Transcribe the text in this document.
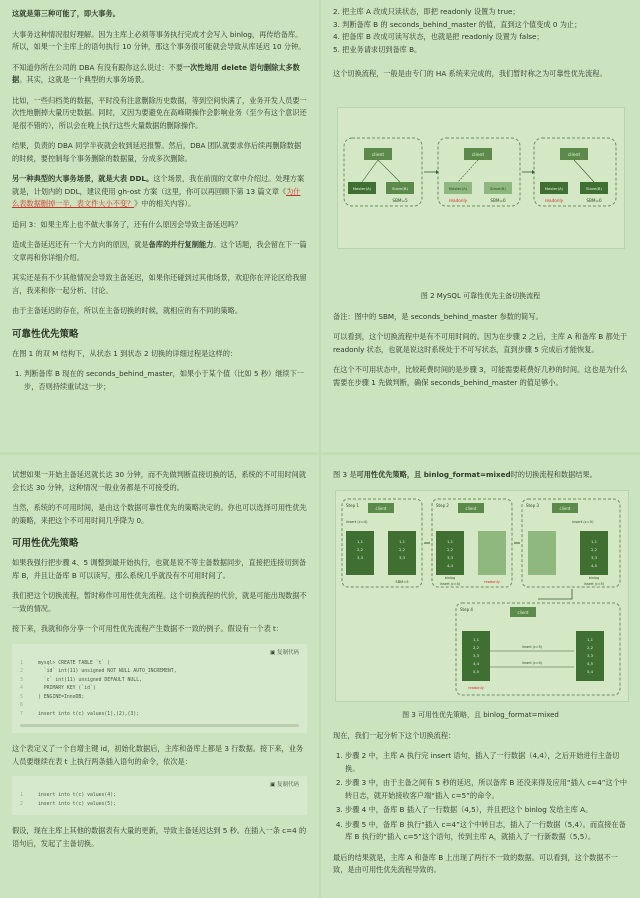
这就是第三种可能了，即大事务。

大事务这种情况很好理解。因为主库上必须等事务执行完成才会写入 binlog，再传给备库。所以，如果一个主库上的语句执行 10 分钟，那这个事务很可能就会导致从库延迟 10 分钟。

不知道你所在公司的 DBA 有没有跟你这么说过：不要一次性地用 delete 语句删除太多数据。其实，这就是一个典型的大事务场景。

比如，一些归档类的数据，平时没有注意删除历史数据，等到空间快满了，业务开发人员要一次性地删掉大量历史数据。同时，又因为要避免在高峰期操作会影响业务（至少有这个意识还是很不错的），所以会在晚上执行这些大量数据的删除操作。

结果，负责的 DBA 同学半夜就会收到延迟报警。然后，DBA 团队就要求你后续再删除数据的时候，要控制每个事务删除的数据量，分成多次删除。

另一种典型的大事务场景，就是大表 DDL。这个场景，我在前面的文章中介绍过。处理方案就是，计划内的 DDL，建议使用 gh-ost 方案（这里，你可以再回顾下第 13 篇文章《为什么表数据删掉一半，表文件大小不变？》中的相关内容）。

追问 3：如果主库上也不做大事务了，还有什么原因会导致主备延迟吗？

造成主备延迟还有一个大方向的原因，就是备库的并行复制能力。这个话题，我会留在下一篇文章再和你详细介绍。

其实还是有不少其他情况会导致主备延迟，如果你还碰到过其他场景，欢迎你在评论区给我留言，我来和你一起分析、讨论。

由于主备延迟的存在，所以在主备切换的时候，就相应的有不同的策略。

可靠性优先策略

在图 1 的双 M 结构下，从状态 1 到状态 2 切换的详细过程是这样的：

1. 判断备库 B 现在的 seconds_behind_master，如果小于某个值（比如 5 秒）继续下一步，否则持续重试这一步；

2. 把主库 A 改成只读状态，即把 readonly 设置为 true；

3. 判断备库 B 的 seconds_behind_master 的值，直到这个值变成 0 为止；

4. 把备库 B 改成可读写状态，也就是把 readonly 设置为 false；

5. 把业务请求切到备库 B。

这个切换流程，一般是由专门的 HA 系统来完成的，我们暂时称之为可靠性优先流程。

client	client	client
Master(A)	Slave(B)	Master(A)	Slave(B)	Master(A)	Slave(B)
SBM=5	readonly	SBM=0	readonly	SBM=0
图 2 MySQL 可靠性优先主备切换流程

备注：图中的 SBM，是 seconds_behind_master 参数的简写。

可以看到，这个切换流程中是有不可用时间的。因为在步骤 2 之后，主库 A 和备库 B 都处于 readonly 状态，也就是说这时系统处于不可写状态，直到步骤 5 完成后才能恢复。

在这个不可用状态中，比较耗费时间的是步骤 3，可能需要耗费好几秒的时间。这也是为什么需要在步骤 1 先做判断，确保 seconds_behind_master 的值足够小。

试想如果一开始主备延迟就长达 30 分钟，而不先做判断直接切换的话，系统的不可用时间就会长达 30 分钟，这种情况一般业务都是不可接受的。

当然，系统的不可用时间，是由这个数据可靠性优先的策略决定的。你也可以选择可用性优先的策略，来把这个不可用时间几乎降为 0。

可用性优先策略

如果我强行把步骤 4、5 调整到最开始执行，也就是说不等主备数据同步，直接把连接切到备库 B，并且让备库 B 可以读写，那么系统几乎就没有不可用时间了。

我们把这个切换流程，暂时称作可用性优先流程。这个切换流程的代价，就是可能出现数据不一致的情况。

接下来，我就和你分享一个可用性优先流程产生数据不一致的例子。假设有一个表 t：

▣ 复制代码
1	mysql> CREATE TABLE `t` (
2	`id` int(11) unsigned NOT NULL AUTO_INCREMENT,
3	`c` int(11) unsigned DEFAULT NULL,
4	PRIMARY KEY (`id`)
5	) ENGINE=InnoDB;
6
7	insert into t(c) values(1),(2),(3);

这个表定义了一个自增主键 id，初始化数据后，主库和备库上都是 3 行数据。接下来，业务人员要继续在表 t 上执行两条插入语句的命令，依次是：

▣ 复制代码
1	insert into t(c) values(4);
2	insert into t(c) values(5);

假设，现在主库上其他的数据表有大量的更新，导致主备延迟达到 5 秒。在插入一条 c=4 的语句后，发起了主备切换。

图 3 是可用性优先策略，且 binlog_format=mixed时的切换流程和数据结果。

Step 1	Step 2	Step 3
Step 4
client	client	client
client
insert (c=4)	insert (c=5)
1,1
2,2
3,3
1,1
2,2
3,3
SBM=5
1,1
2,2
3,3
4,4
binlog
insert (c=4)	readonly
1,1
2,2
3,3
4,5
binlog
insert (c=5)
1,1
2,2
3,3
4,4
5,5
1,1
2,2
3,3
4,5
5,4
insert (c=5)
insert (c=4)
readonly
图 3 可用性优先策略，且 binlog_format=mixed

现在，我们一起分析下这个切换流程：

1. 步骤 2 中，主库 A 执行完 insert 语句，插入了一行数据（4,4），之后开始进行主备切换。
2. 步骤 3 中，由于主备之间有 5 秒的延迟，所以备库 B 还没来得及应用“插入 c=4”这个中转日志，就开始接收客户端“插入 c=5”的命令。
3. 步骤 4 中，备库 B 插入了一行数据（4,5），并且把这个 binlog 发给主库 A。
4. 步骤 5 中，备库 B 执行“插入 c=4”这个中转日志，插入了一行数据（5,4）。而直接在备库 B 执行的“插入 c=5”这个语句，传到主库 A，就插入了一行新数据（5,5）。

最后的结果就是，主库 A 和备库 B 上出现了两行不一致的数据。可以看到，这个数据不一致，是由可用性优先流程导致的。
